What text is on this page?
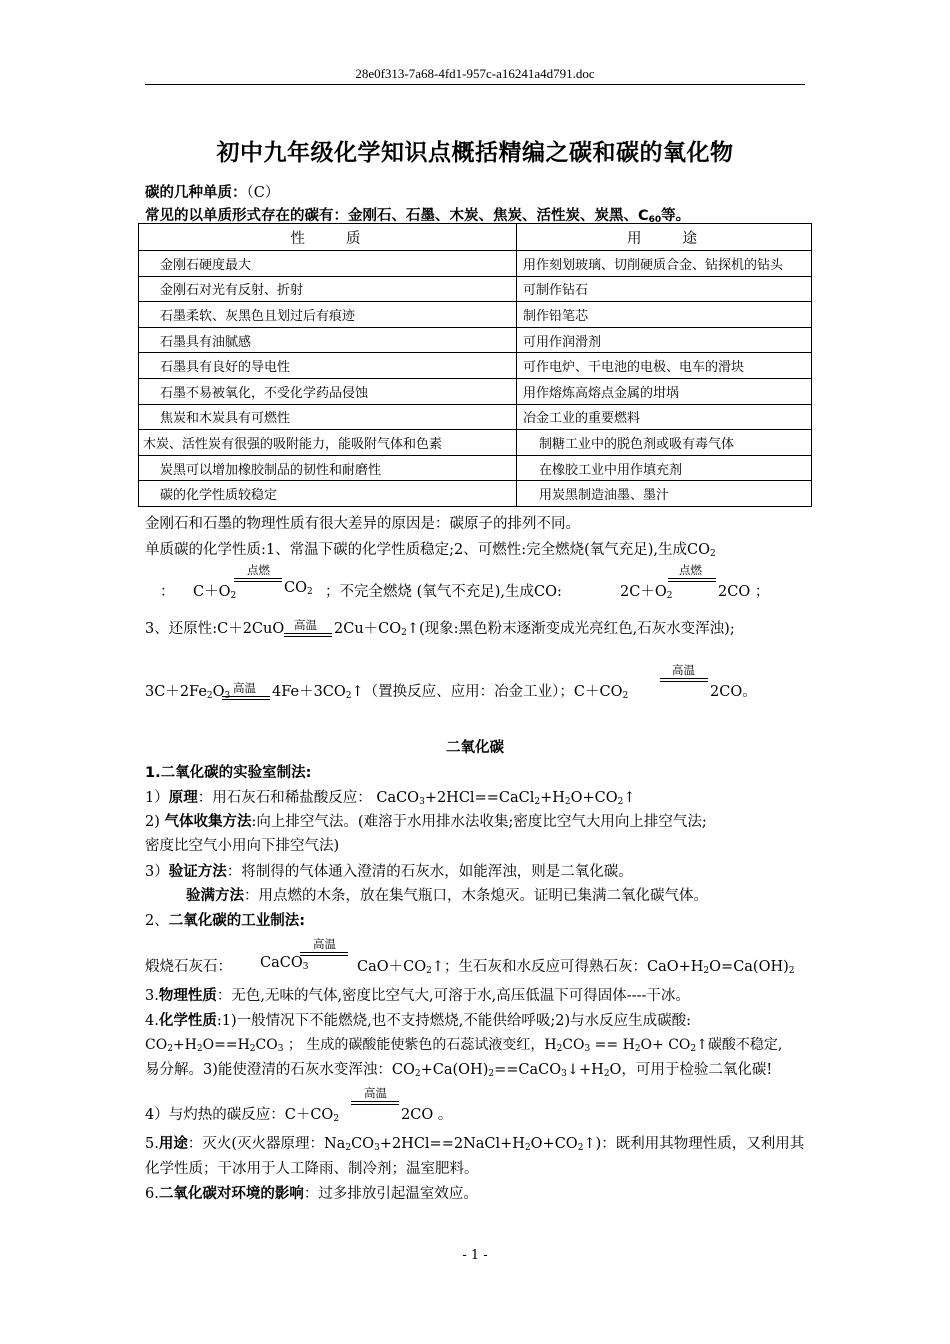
28e0f313-7a68-4fd1-957c-a16241a4d791.doc
初中九年级化学知识点概括精编之碳和碳的氧化物
碳的几种单质：（C）
常见的以单质形式存在的碳有：金刚石、石墨、木炭、焦炭、活性炭、炭黑、$C_{60}$等。
性　　质	用　　途
金刚石硬度最大	用作刻划玻璃、切削硬质合金、钻探机的钻头
金刚石对光有反射、折射	可制作钻石
石墨柔软、灰黑色且划过后有痕迹	制作铅笔芯
石墨具有油腻感	可用作润滑剂
石墨具有良好的导电性	可作电炉、干电池的电极、电车的滑块
石墨不易被氧化，不受化学药品侵蚀	用作熔炼高熔点金属的坩埚
焦炭和木炭具有可燃性	冶金工业的重要燃料
木炭、活性炭有很强的吸附能力，能吸附气体和色素	制糖工业中的脱色剂或吸有毒气体
炭黑可以增加橡胶制品的韧性和耐磨性	在橡胶工业中用作填充剂
碳的化学性质较稳定	用炭黑制造油墨、墨汁
金刚石和石墨的物理性质有很大差异的原因是：碳原子的排列不同。
单质碳的化学性质:1、常温下碳的化学性质稳定;2、可燃性:完全燃烧(氧气充足),生成$CO_2$
：	$C+O_2$
点燃
$CO_2$ ；不完全燃烧 (氧气不充足),生成CO:	$2C+O_2$
点燃
2CO ；
3、还原性:C＋2CuO 高温 $2Cu+CO_2↑$(现象:黑色粉末逐渐变成光亮红色,石灰水变浑浊);
$3C+2Fe_2O_3$
高温 $4Fe+3CO_2↑$（置换反应、应用：冶金工业）；$C+CO_2$
高温
2CO。
二氧化碳
1.二氧化碳的实验室制法:
1）原理：用石灰石和稀盐酸反应： $CaCO_3+2HCl==CaCl_2+H_2O+CO_2↑$
2) 气体收集方法:向上排空气法。(难溶于水用排水法收集;密度比空气大用向上排空气法;
密度比空气小用向下排空气法)
3）验证方法：将制得的气体通入澄清的石灰水，如能浑浊，则是二氧化碳。
验满方法：用点燃的木条，放在集气瓶口，木条熄灭。证明已集满二氧化碳气体。
2、二氧化碳的工业制法:
煅烧石灰石：	CaCO$_3$
高温
$CaO+CO_2↑$；生石灰和水反应可得熟石灰：$CaO+H_2O=Ca(OH)_2$
3.物理性质：无色,无味的气体,密度比空气大,可溶于水,高压低温下可得固体----干冰。
4.化学性质:1)一般情况下不能燃烧,也不支持燃烧,不能供给呼吸;2)与水反应生成碳酸:
$CO_2+H_2O==H_2CO_3$ ； 生成的碳酸能使紫色的石蕊试液变红，$H_2CO_3 == H_2O+$ $CO_2↑$碳酸不稳定,
易分解。3)能使澄清的石灰水变浑浊：$CO_2+Ca(OH)_2==CaCO_3↓+H_2O$，可用于检验二氧化碳!
4）与灼热的碳反应：$C+CO_2$
高温
2CO 。
5.用途：灭火(灭火器原理：$Na_2CO_3+2HCl==2NaCl+H_2O+CO_2↑$)：既利用其物理性质，又利用其
化学性质；干冰用于人工降雨、制冷剂；温室肥料。
6.二氧化碳对环境的影响：过多排放引起温室效应。
- 1 -
